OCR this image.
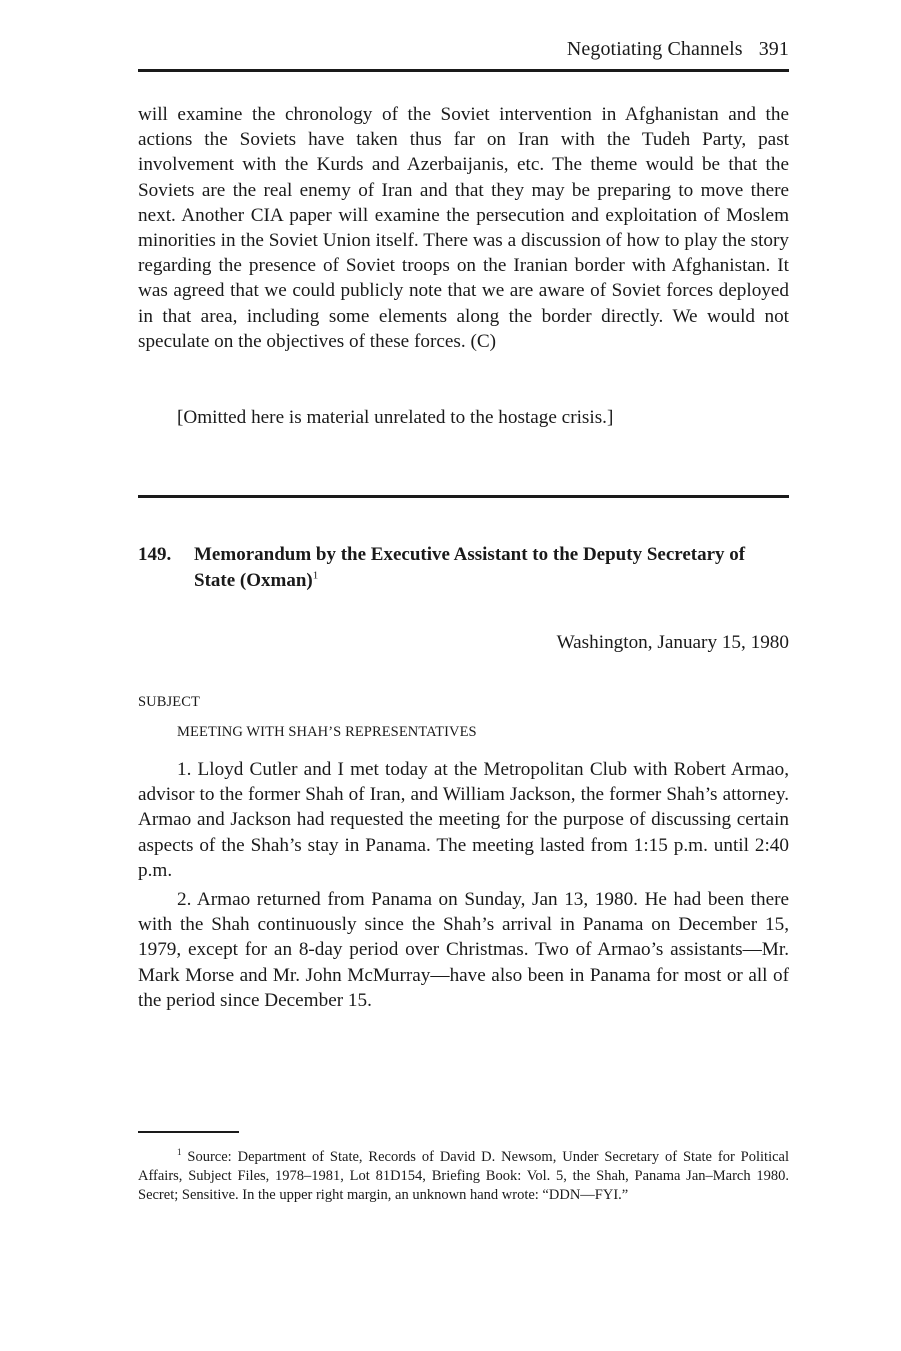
Negotiating Channels 391

will examine the chronology of the Soviet intervention in Afghanistan and the actions the Soviets have taken thus far on Iran with the Tudeh Party, past involvement with the Kurds and Azerbaijanis, etc. The theme would be that the Soviets are the real enemy of Iran and that they may be preparing to move there next. Another CIA paper will examine the persecution and exploitation of Moslem minorities in the Soviet Union itself. There was a discussion of how to play the story regarding the presence of Soviet troops on the Iranian border with Afghanistan. It was agreed that we could publicly note that we are aware of Soviet forces deployed in that area, including some elements along the border directly. We would not speculate on the objectives of these forces. (C)

[Omitted here is material unrelated to the hostage crisis.]

149. Memorandum by the Executive Assistant to the Deputy Secretary of State (Oxman)$^1$
Washington, January 15, 1980
SUBJECT
MEETING WITH SHAH’S REPRESENTATIVES

1. Lloyd Cutler and I met today at the Metropolitan Club with Robert Armao, advisor to the former Shah of Iran, and William Jackson, the former Shah’s attorney. Armao and Jackson had requested the meeting for the purpose of discussing certain aspects of the Shah’s stay in Panama. The meeting lasted from 1:15 p.m. until 2:40 p.m.

2. Armao returned from Panama on Sunday, Jan 13, 1980. He had been there with the Shah continuously since the Shah’s arrival in Panama on December 15, 1979, except for an 8-day period over Christmas. Two of Armao’s assistants—Mr. Mark Morse and Mr. John McMurray—have also been in Panama for most or all of the period since December 15.

$^1$ Source: Department of State, Records of David D. Newsom, Under Secretary of State for Political Affairs, Subject Files, 1978–1981, Lot 81D154, Briefing Book: Vol. 5, the Shah, Panama Jan–March 1980. Secret; Sensitive. In the upper right margin, an unknown hand wrote: “DDN—FYI.”
